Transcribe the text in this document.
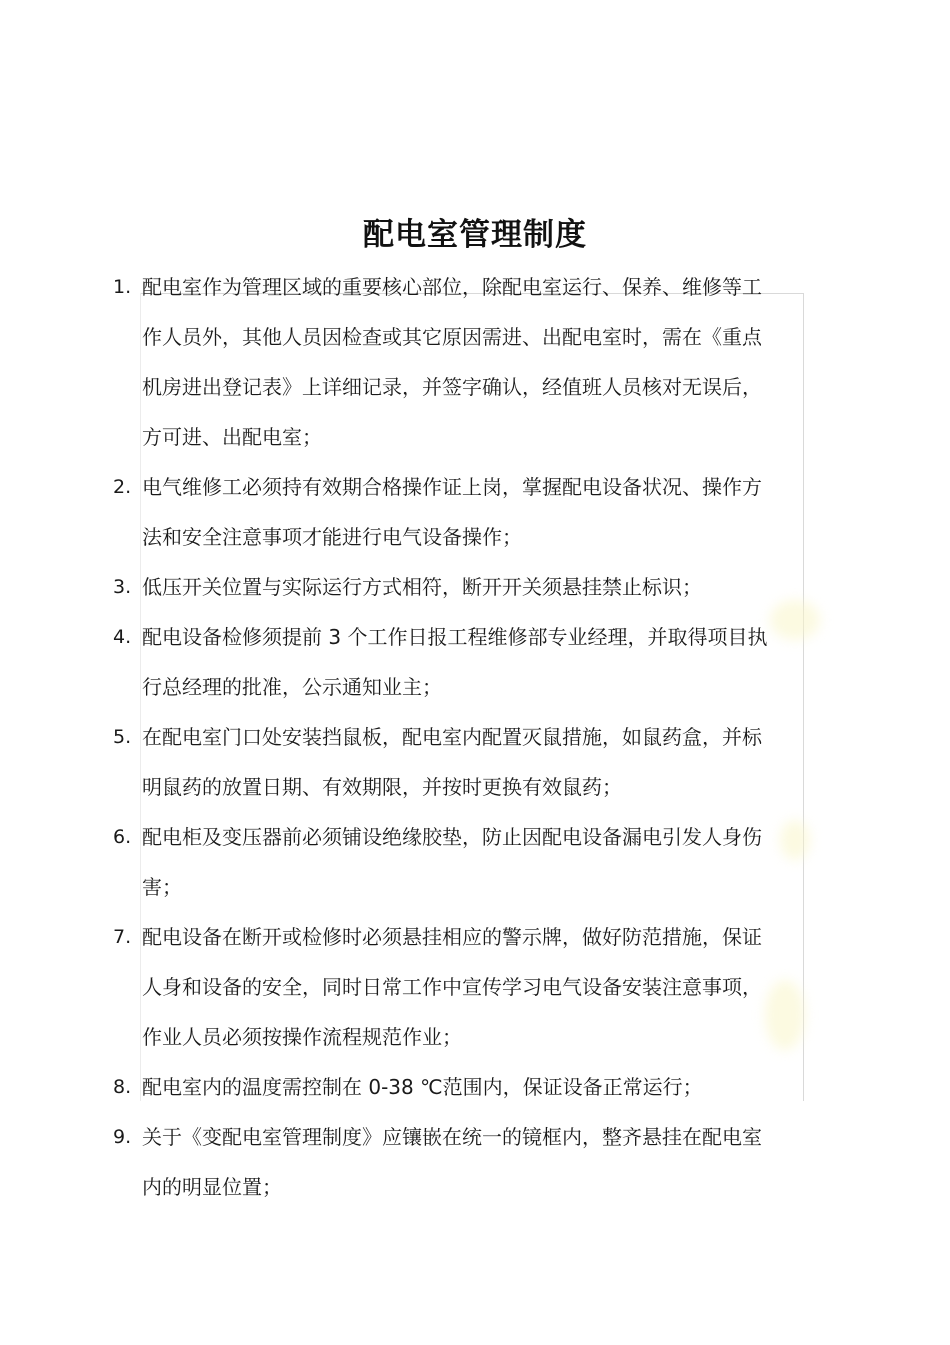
配电室管理制度
1. 配电室作为管理区域的重要核心部位，除配电室运行、保养、维修等工
作人员外，其他人员因检查或其它原因需进、出配电室时，需在《重点
机房进出登记表》上详细记录，并签字确认，经值班人员核对无误后，
方可进、出配电室；
2. 电气维修工必须持有效期合格操作证上岗，掌握配电设备状况、操作方
法和安全注意事项才能进行电气设备操作；
3. 低压开关位置与实际运行方式相符，断开开关须悬挂禁止标识；
4. 配电设备检修须提前 3 个工作日报工程维修部专业经理，并取得项目执
行总经理的批准，公示通知业主；
5. 在配电室门口处安装挡鼠板，配电室内配置灭鼠措施，如鼠药盒，并标
明鼠药的放置日期、有效期限，并按时更换有效鼠药；
6. 配电柜及变压器前必须铺设绝缘胶垫，防止因配电设备漏电引发人身伤
害；
7. 配电设备在断开或检修时必须悬挂相应的警示牌，做好防范措施，保证
人身和设备的安全，同时日常工作中宣传学习电气设备安装注意事项，
作业人员必须按操作流程规范作业；
8. 配电室内的温度需控制在 0-38 ℃范围内，保证设备正常运行；
9. 关于《变配电室管理制度》应镶嵌在统一的镜框内，整齐悬挂在配电室
内的明显位置；
